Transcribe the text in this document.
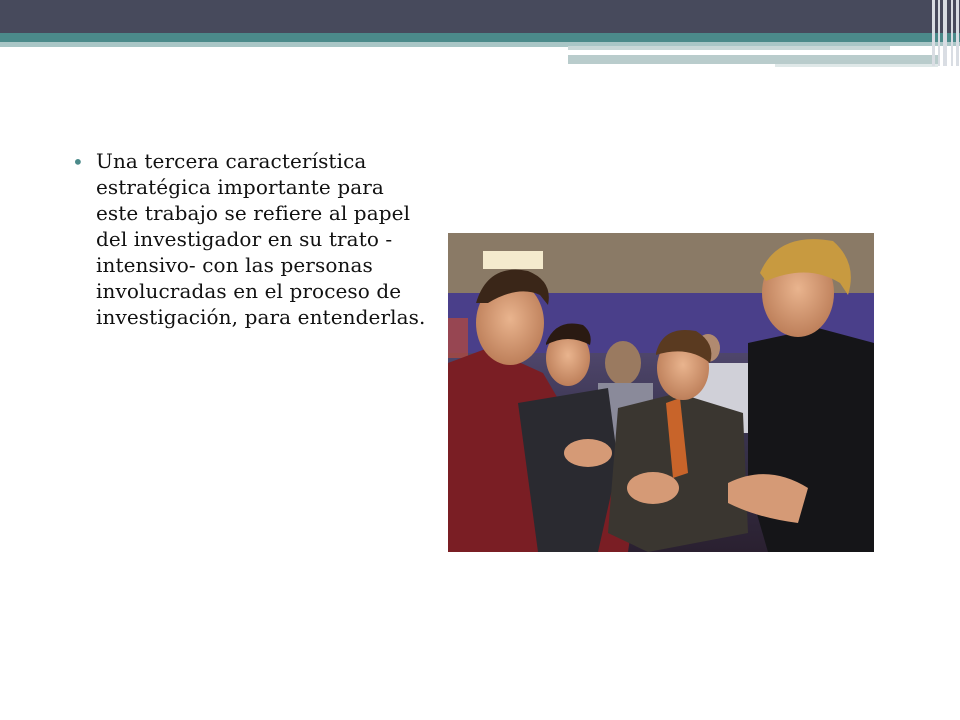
• Una tercera característica estratégica importante para este trabajo se refiere al papel del investigador en su trato -intensivo- con las personas involucradas en el proceso de investigación, para entenderlas.
